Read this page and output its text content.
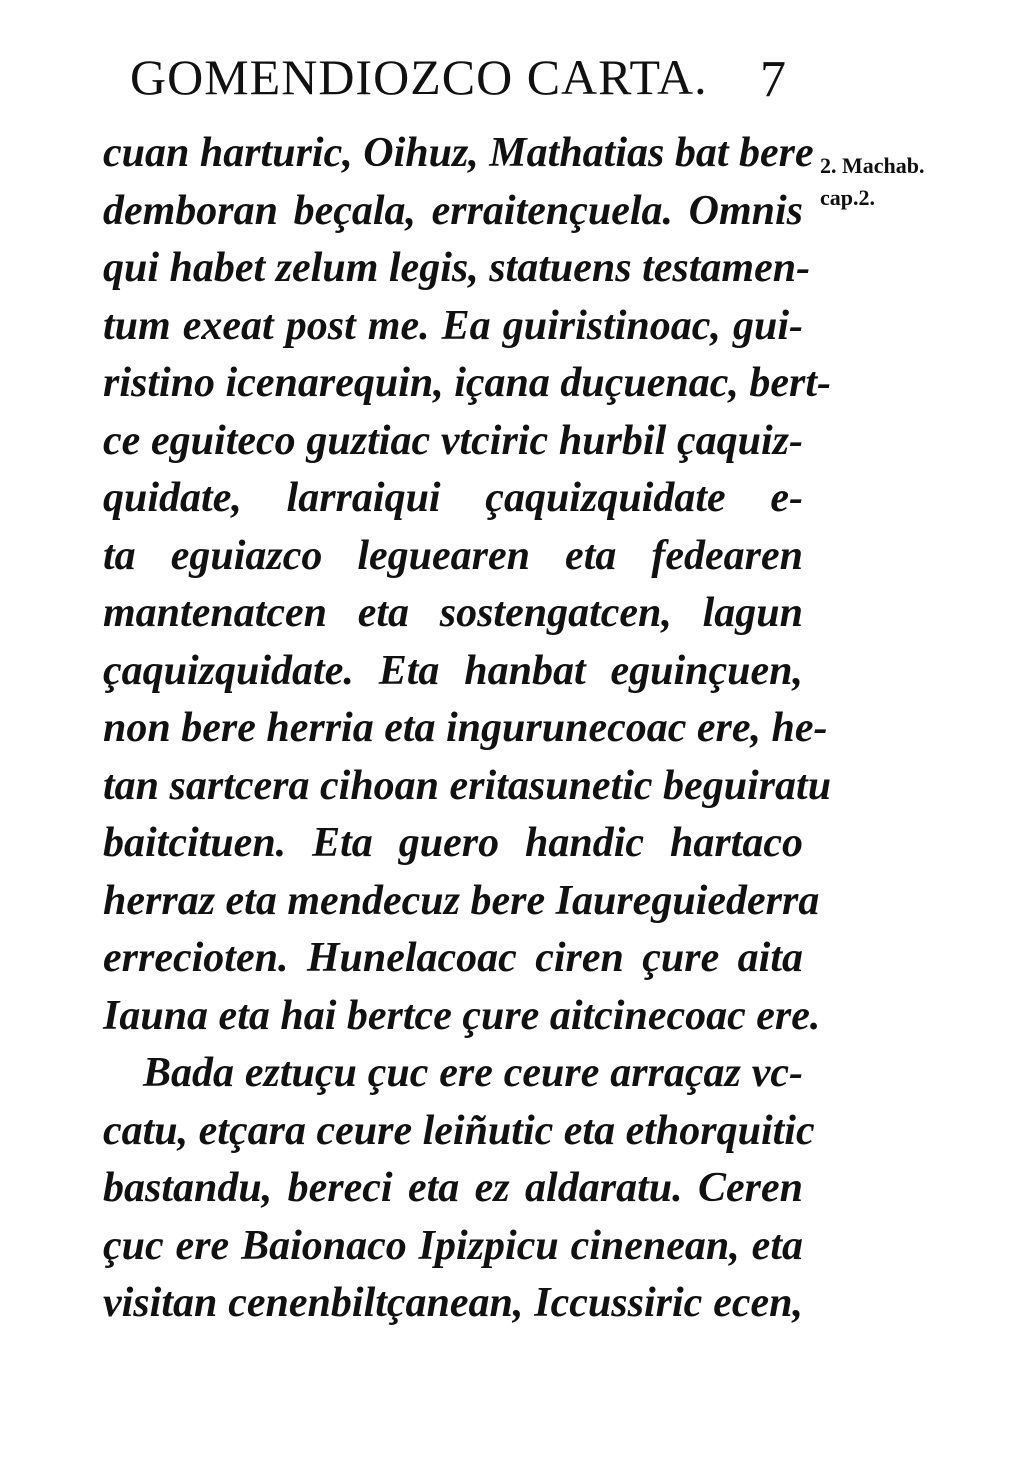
GOMENDIOZCO CARTA. 7
2. Machab.
cap.2.
cuan harturic, Oihuz, Mathatias bat bere
demboran beçala, erraitençuela. Omnis
qui habet zelum legis, statuens testamen-
tum exeat post me. Ea guiristinoac, gui-
ristino icenarequin, içana duçuenac, bert-
ce eguiteco guztiac vtciric hurbil çaquiz-
quidate, larraiqui çaquizquidate e-
ta eguiazco leguearen eta fedearen
mantenatcen eta sostengatcen, lagun
çaquizquidate. Eta hanbat eguinçuen,
non bere herria eta ingurunecoac ere, he-
tan sartcera cihoan eritasunetic beguiratu
baitcituen. Eta guero handic hartaco
herraz eta mendecuz bere Iaureguiederra
errecioten. Hunelacoac ciren çure aita
Iauna eta hai bertce çure aitcinecoac ere.
Bada eztuçu çuc ere ceure arraçaz vc-
catu, etçara ceure leiñutic eta ethorquitic
bastandu, bereci eta ez aldaratu. Ceren
çuc ere Baionaco Ipizpicu cinenean, eta
visitan cenenbiltçanean, Iccussiric ecen,
